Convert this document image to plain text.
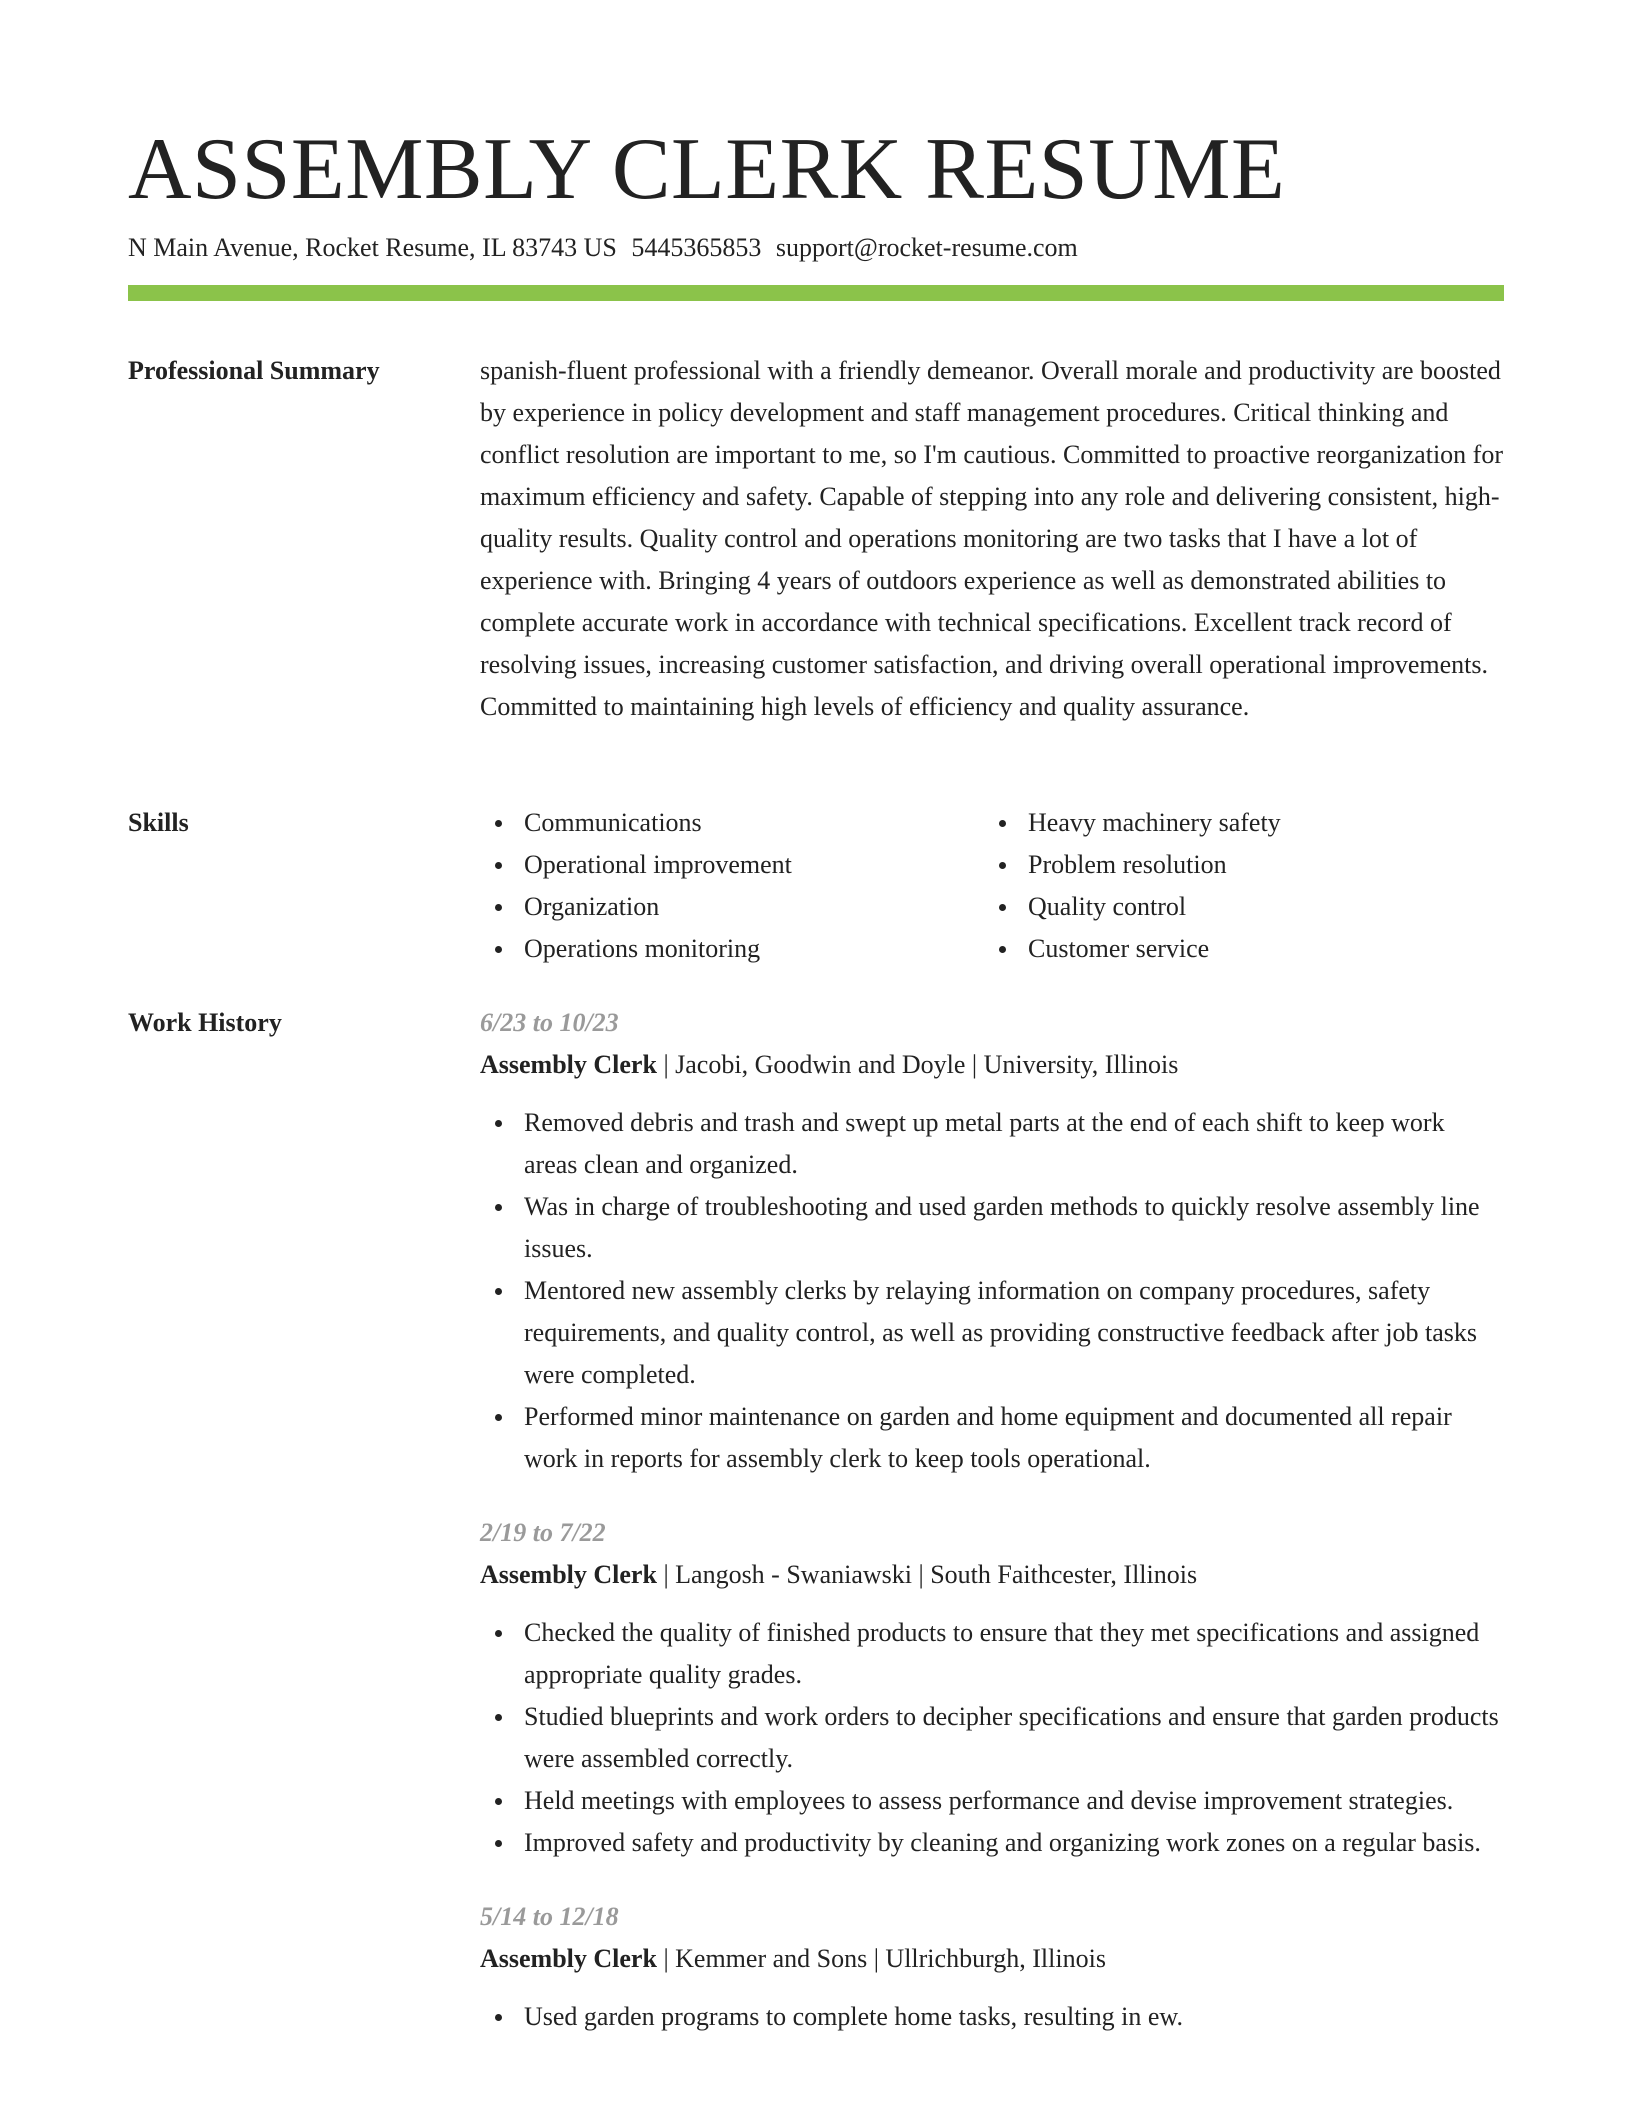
ASSEMBLY CLERK RESUME
N Main Avenue, Rocket Resume, IL 83743 US 5445365853 support@rocket-resume.com
Professional Summary	spanish-fluent professional with a friendly demeanor. Overall morale and productivity are boosted by experience in policy development and staff management procedures. Critical thinking and conflict resolution are important to me, so I'm cautious. Committed to proactive reorganization for maximum efficiency and safety. Capable of stepping into any role and delivering consistent, high-quality results. Quality control and operations monitoring are two tasks that I have a lot of experience with. Bringing 4 years of outdoors experience as well as demonstrated abilities to complete accurate work in accordance with technical specifications. Excellent track record of resolving issues, increasing customer satisfaction, and driving overall operational improvements. Committed to maintaining high levels of efficiency and quality assurance.

Skills	Communications
Operational improvement
Organization
Operations monitoring
Heavy machinery safety
Problem resolution
Quality control
Customer service
Work History	6/23 to 10/23
Assembly Clerk | Jacobi, Goodwin and Doyle | University, Illinois
Removed debris and trash and swept up metal parts at the end of each shift to keep work areas clean and organized.
Was in charge of troubleshooting and used garden methods to quickly resolve assembly line issues.
Mentored new assembly clerks by relaying information on company procedures, safety requirements, and quality control, as well as providing constructive feedback after job tasks were completed.
Performed minor maintenance on garden and home equipment and documented all repair work in reports for assembly clerk to keep tools operational.
2/19 to 7/22
Assembly Clerk | Langosh - Swaniawski | South Faithcester, Illinois
Checked the quality of finished products to ensure that they met specifications and assigned appropriate quality grades.
Studied blueprints and work orders to decipher specifications and ensure that garden products were assembled correctly.
Held meetings with employees to assess performance and devise improvement strategies.
Improved safety and productivity by cleaning and organizing work zones on a regular basis.
5/14 to 12/18
Assembly Clerk | Kemmer and Sons | Ullrichburgh, Illinois
Used garden programs to complete home tasks, resulting in ew.
